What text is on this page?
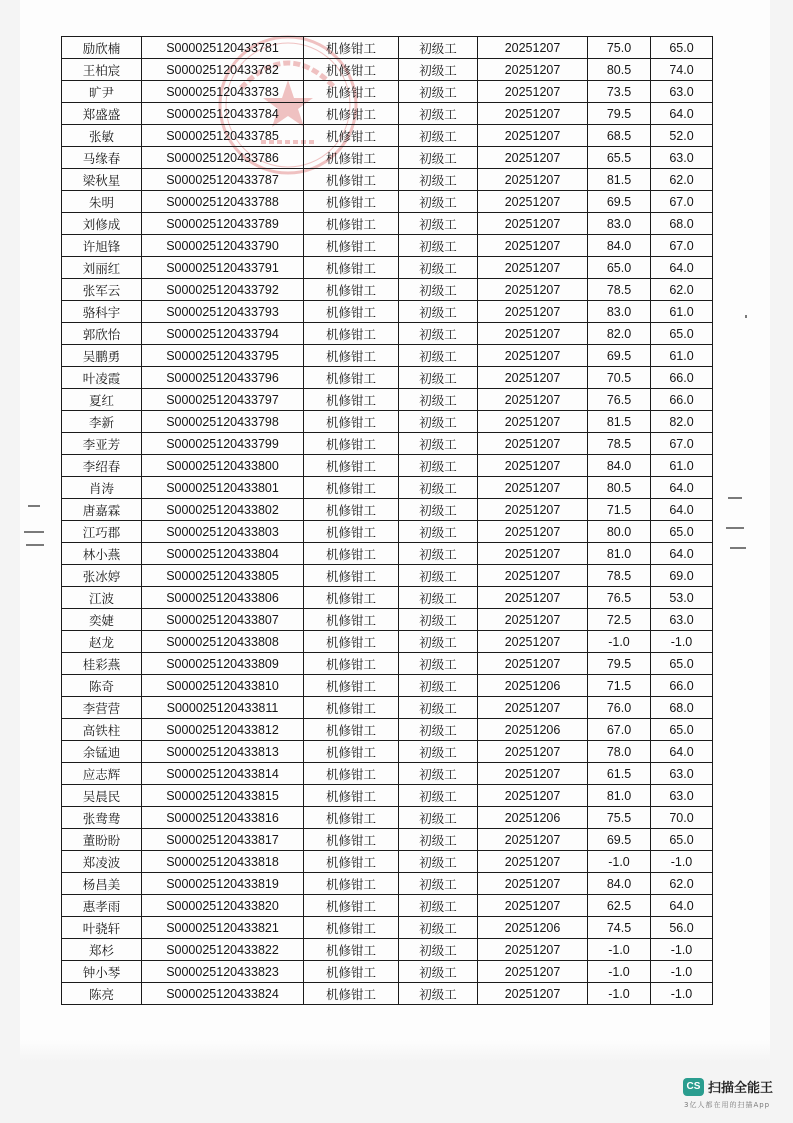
励欣楠	S000025120433781	机修钳工	初级工	20251207	75.0	65.0
王柏宸	S000025120433782	机修钳工	初级工	20251207	80.5	74.0
旷尹	S000025120433783	机修钳工	初级工	20251207	73.5	63.0
郑盛盛	S000025120433784	机修钳工	初级工	20251207	79.5	64.0
张敏	S000025120433785	机修钳工	初级工	20251207	68.5	52.0
马缘春	S000025120433786	机修钳工	初级工	20251207	65.5	63.0
梁秋星	S000025120433787	机修钳工	初级工	20251207	81.5	62.0
朱明	S000025120433788	机修钳工	初级工	20251207	69.5	67.0
刘修成	S000025120433789	机修钳工	初级工	20251207	83.0	68.0
许旭锋	S000025120433790	机修钳工	初级工	20251207	84.0	67.0
刘丽红	S000025120433791	机修钳工	初级工	20251207	65.0	64.0
张军云	S000025120433792	机修钳工	初级工	20251207	78.5	62.0
骆科宇	S000025120433793	机修钳工	初级工	20251207	83.0	61.0
郭欣怡	S000025120433794	机修钳工	初级工	20251207	82.0	65.0
吴鹏勇	S000025120433795	机修钳工	初级工	20251207	69.5	61.0
叶凌霞	S000025120433796	机修钳工	初级工	20251207	70.5	66.0
夏红	S000025120433797	机修钳工	初级工	20251207	76.5	66.0
李新	S000025120433798	机修钳工	初级工	20251207	81.5	82.0
李亚芳	S000025120433799	机修钳工	初级工	20251207	78.5	67.0
李绍春	S000025120433800	机修钳工	初级工	20251207	84.0	61.0
肖涛	S000025120433801	机修钳工	初级工	20251207	80.5	64.0
唐嘉霖	S000025120433802	机修钳工	初级工	20251207	71.5	64.0
江巧郡	S000025120433803	机修钳工	初级工	20251207	80.0	65.0
林小燕	S000025120433804	机修钳工	初级工	20251207	81.0	64.0
张冰婷	S000025120433805	机修钳工	初级工	20251207	78.5	69.0
江波	S000025120433806	机修钳工	初级工	20251207	76.5	53.0
奕婕	S000025120433807	机修钳工	初级工	20251207	72.5	63.0
赵龙	S000025120433808	机修钳工	初级工	20251207	-1.0	-1.0
桂彩燕	S000025120433809	机修钳工	初级工	20251207	79.5	65.0
陈奇	S000025120433810	机修钳工	初级工	20251206	71.5	66.0
李营营	S000025120433811	机修钳工	初级工	20251207	76.0	68.0
高铁柱	S000025120433812	机修钳工	初级工	20251206	67.0	65.0
余锰迪	S000025120433813	机修钳工	初级工	20251207	78.0	64.0
应志辉	S000025120433814	机修钳工	初级工	20251207	61.5	63.0
吴晨民	S000025120433815	机修钳工	初级工	20251207	81.0	63.0
张鸯鸯	S000025120433816	机修钳工	初级工	20251206	75.5	70.0
董盼盼	S000025120433817	机修钳工	初级工	20251207	69.5	65.0
郑凌波	S000025120433818	机修钳工	初级工	20251207	-1.0	-1.0
杨昌美	S000025120433819	机修钳工	初级工	20251207	84.0	62.0
惠孝雨	S000025120433820	机修钳工	初级工	20251207	62.5	64.0
叶骁轩	S000025120433821	机修钳工	初级工	20251206	74.5	56.0
郑杉	S000025120433822	机修钳工	初级工	20251207	-1.0	-1.0
钟小琴	S000025120433823	机修钳工	初级工	20251207	-1.0	-1.0
陈亮	S000025120433824	机修钳工	初级工	20251207	-1.0	-1.0
CS 扫描全能王
3亿人都在用的扫描App
